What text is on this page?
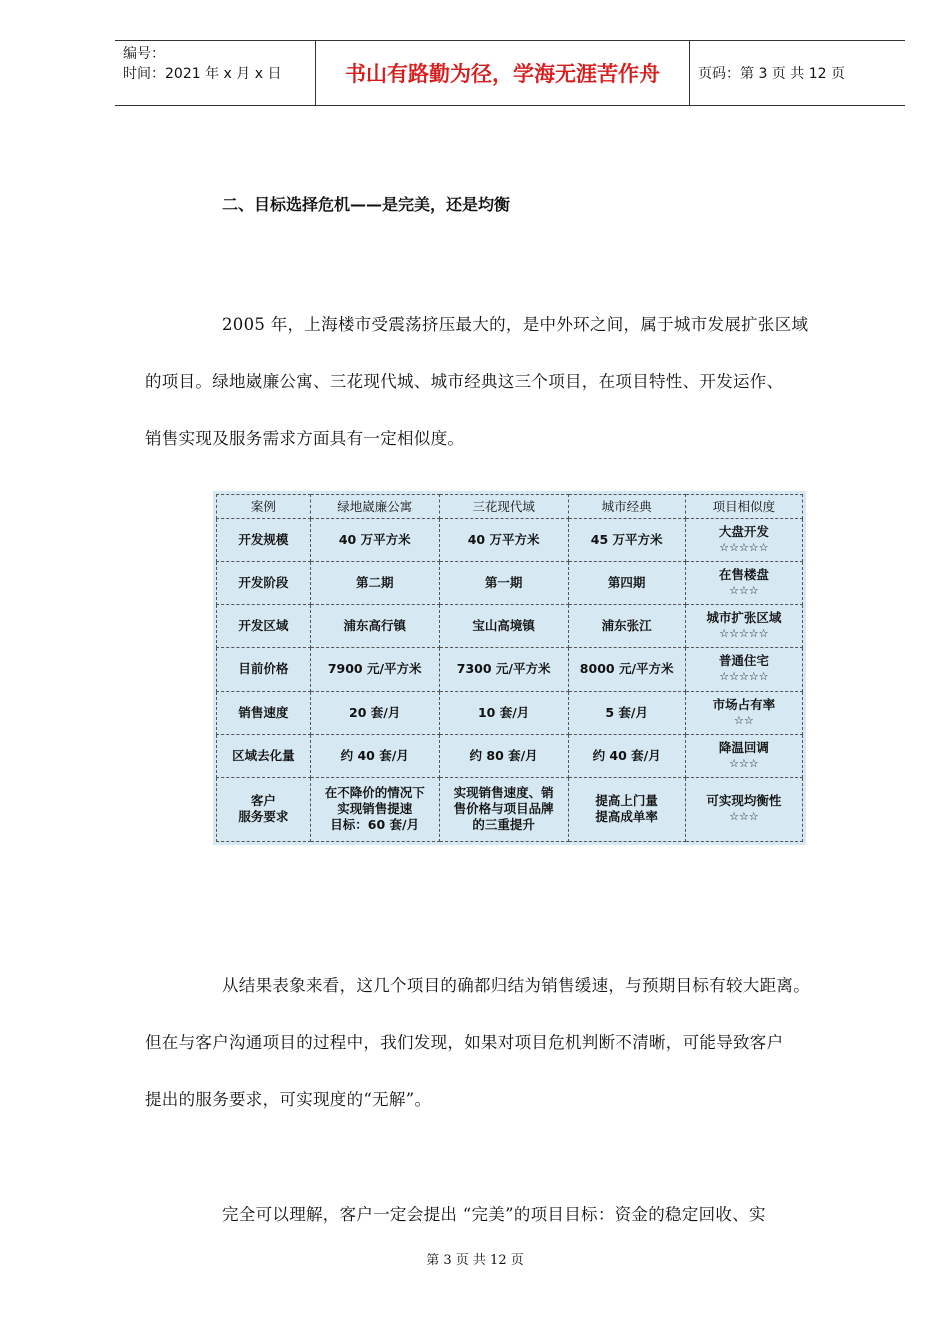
编号：
时间：2021 年 x 月 x 日	书山有路勤为径，学海无涯苦作舟	页码：第 3 页 共 12 页
二、目标选择危机——是完美，还是均衡
2005 年，上海楼市受震荡挤压最大的，是中外环之间，属于城市发展扩张区域
的项目。绿地崴廉公寓、三花现代城、城市经典这三个项目，在项目特性、开发运作、
销售实现及服务需求方面具有一定相似度。
案例	绿地崴廉公寓	三花现代域	城市经典	项目相似度
开发规模	40 万平方米	40 万平方米	45 万平方米	大盘开发
☆☆☆☆☆

开发阶段	第二期	第一期	第四期	在售楼盘
☆☆☆

开发区域	浦东高行镇	宝山高境镇	浦东张江	城市扩张区域
☆☆☆☆☆

目前价格	7900 元/平方米	7300 元/平方米	8000 元/平方米	普通住宅
☆☆☆☆☆

销售速度	20 套/月	10 套/月	5 套/月	市场占有率
☆☆

区域去化量	约 40 套/月	约 80 套/月	约 40 套/月	降温回调
☆☆☆

客户
服务要求	在不降价的情况下
实现销售提速
目标：60 套/月	实现销售速度、销
售价格与项目品牌
的三重提升	提高上门量
提高成单率	可实现均衡性
☆☆☆
从结果表象来看，这几个项目的确都归结为销售缓速，与预期目标有较大距离。
但在与客户沟通项目的过程中，我们发现，如果对项目危机判断不清晰，可能导致客户
提出的服务要求，可实现度的“无解”。
完全可以理解，客户一定会提出 “完美”的项目目标：资金的稳定回收、实
第 3 页 共 12 页
